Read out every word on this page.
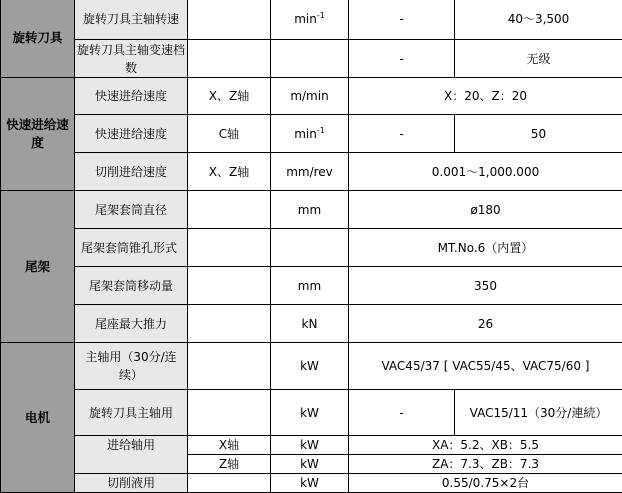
旋转刀具	旋转刀具主轴转速		$\min^{-1}$	-	40～3,500
	旋转刀具主轴变速档数			-	无级
快速进给速度	快速进给速度	X、Z轴	m/min	X：20、Z：20	
	快速进给速度	C轴	$\min^{-1}$	-	50
	切削进给速度	X、Z轴	mm/rev	0.001～1,000.000	
尾架	尾架套筒直径		mm	ø180	
	尾架套筒锥孔形式			MT.No.6（内置）	
	尾架套筒移动量		mm	350	
	尾座最大推力		kN	26	
电机	主轴用（30分/连续）		kW	VAC45/37 [ VAC55/45、VAC75/60 ]	
	旋转刀具主轴用		kW	-	VAC15/11（30分/連続）
	进给轴用	X轴	kW	XA：5.2、XB：5.5	
		Z轴	kW	ZA：7.3、ZB：7.3	
	切削液用		kW	0.55/0.75×2台	
